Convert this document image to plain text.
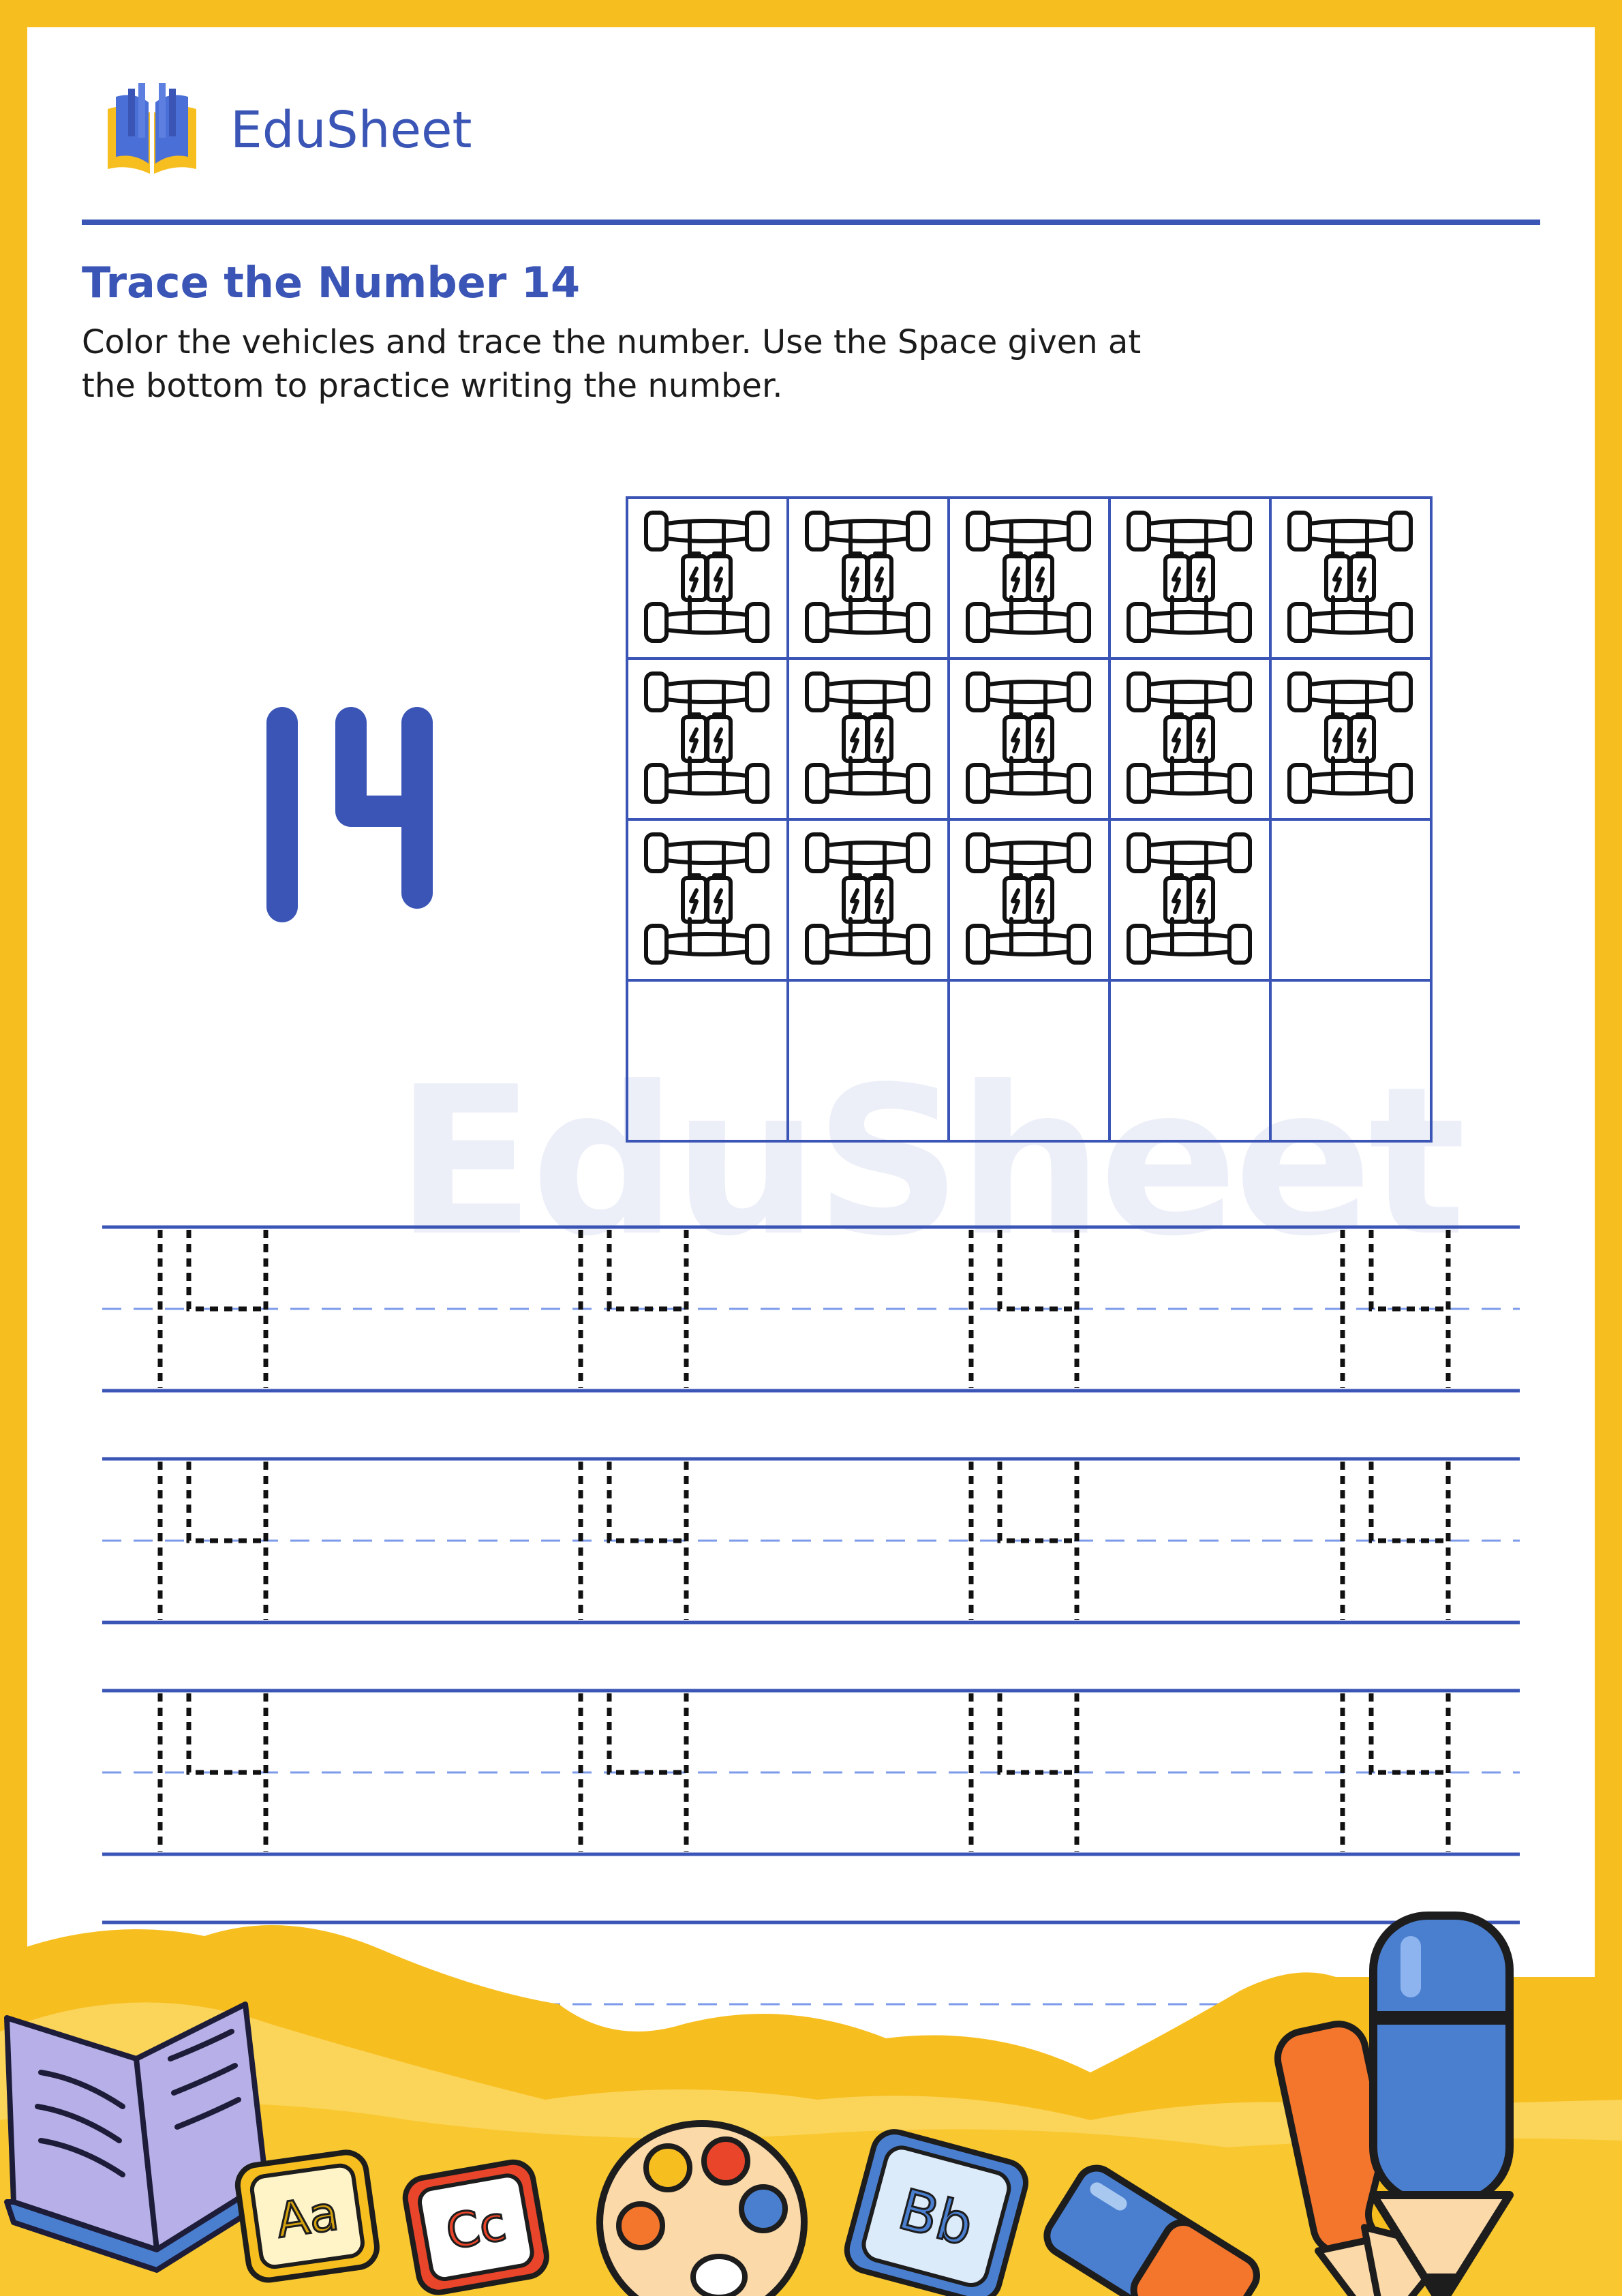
EduSheet
Trace the Number 14
Color the vehicles and trace the number. Use the Space given at the bottom to practice writing the number.
EduSheet
Aa Cc	Bb
